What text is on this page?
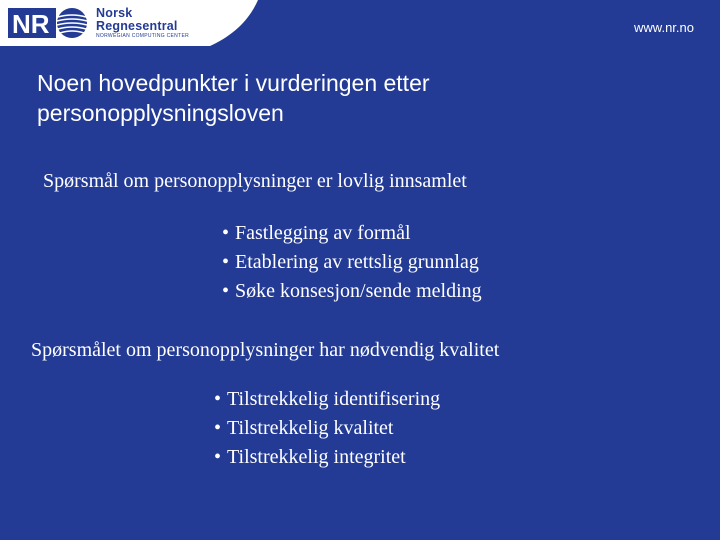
NR	Norsk
Regnesentral
NORWEGIAN COMPUTING CENTER
www.nr.no
Noen hovedpunkter i vurderingen etter
personopplysningsloven
Spørsmål om personopplysninger er lovlig innsamlet
• Fastlegging av formål
• Etablering av rettslig grunnlag
• Søke konsesjon/sende melding
Spørsmålet om personopplysninger har nødvendig kvalitet
• Tilstrekkelig identifisering
• Tilstrekkelig kvalitet
• Tilstrekkelig integritet
